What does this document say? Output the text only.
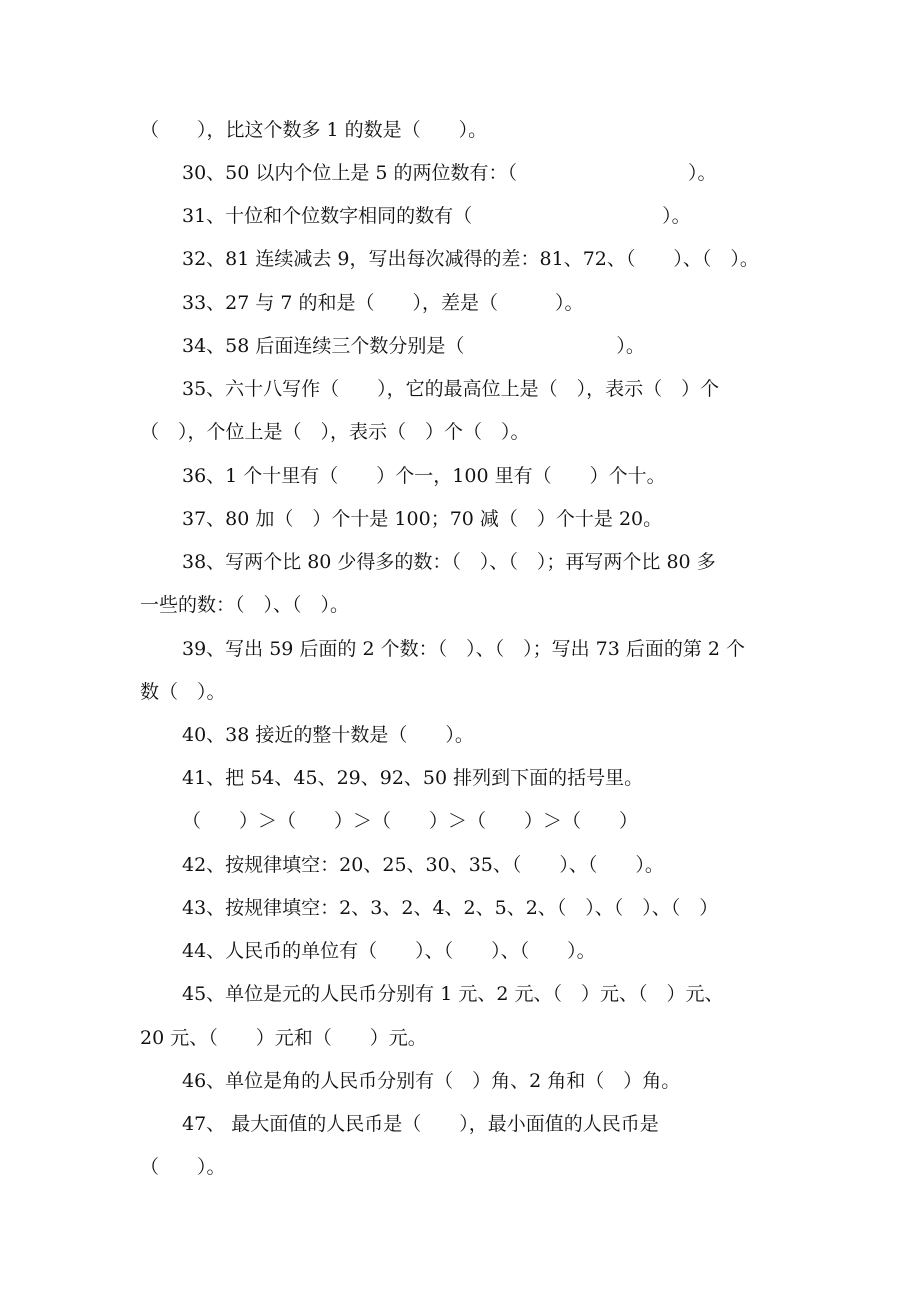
（　　），比这个数多 1 的数是（　　）。

30、50 以内个位上是 5 的两位数有：（　　　　　　　　　）。

31、十位和个位数字相同的数有（　　　　　　　　　　）。

32、81 连续减去 9，写出每次减得的差：81、72、（　　）、（　）。

33、27 与 7 的和是（　　），差是（　　　）。

34、58 后面连续三个数分别是（　　　　　　　　）。

35、六十八写作（　　），它的最高位上是（　），表示（　）个

（　），个位上是（　），表示（　）个（　）。

36、1 个十里有（　　）个一，100 里有（　　）个十。

37、80 加（　）个十是 100；70 减（　）个十是 20。

38、写两个比 80 少得多的数：（　）、（　）；再写两个比 80 多

一些的数：（　）、（　）。

39、写出 59 后面的 2 个数：（　）、（　）；写出 73 后面的第 2 个

数（　）。

40、38 接近的整十数是（　　）。

41、把 54、45、29、92、50 排列到下面的括号里。

（　　）＞（　　）＞（　　）＞（　　）＞（　　）

42、按规律填空：20、25、30、35、（　　）、（　　）。

43、按规律填空：2、3、2、4、2、5、2、（　）、（　）、（　）

44、人民币的单位有（　　）、（　　）、（　　）。

45、单位是元的人民币分别有 1 元、2 元、（　）元、（　）元、

20 元、（　　）元和（　　）元。

46、单位是角的人民币分别有（　）角、2 角和（　）角。

47、 最大面值的人民币是（　　），最小面值的人民币是

（　　）。
